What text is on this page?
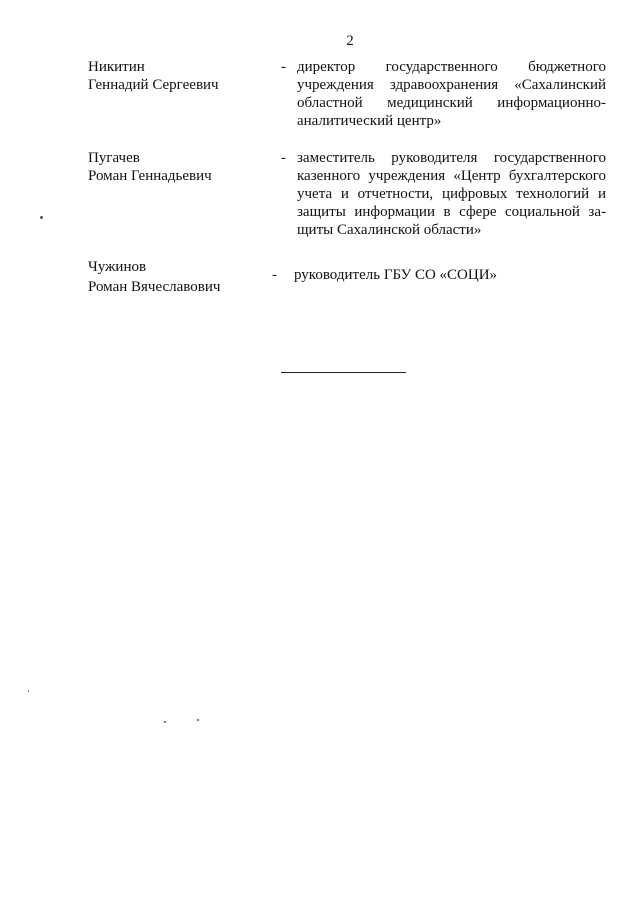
2
Никитин
Геннадий Сергеевич
- директор государственного бюджетного
учреждения здравоохранения «Сахалинский
областной медицинский информационно-
аналитический центр»
Пугачев
Роман Геннадьевич
- заместитель руководителя государственного
казенного учреждения «Центр бухгалтерского
учета и отчетности, цифровых технологий и
защиты информации в сфере социальной за-
щиты Сахалинской области»
Чужинов
Роман Вячеславович
- руководитель ГБУ СО «СОЦИ»
